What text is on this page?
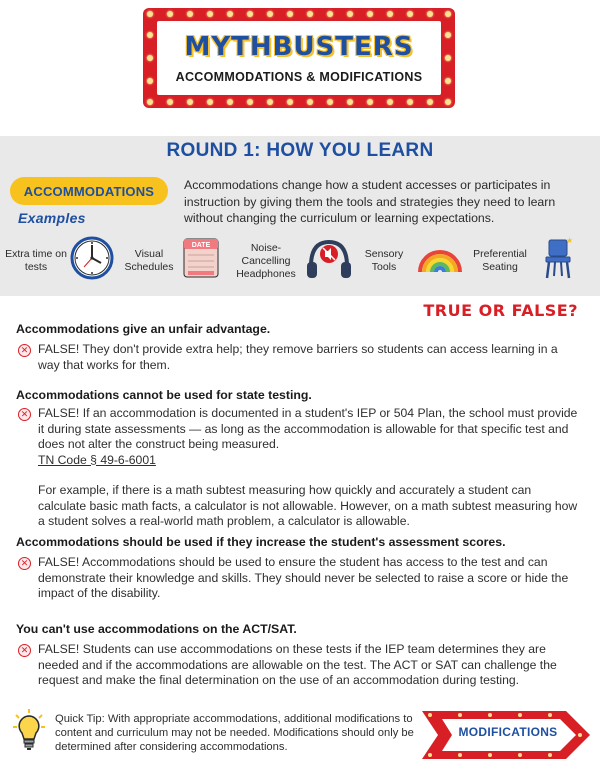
MYTHBUSTERS
ACCOMMODATIONS & MODIFICATIONS
ROUND 1: HOW YOU LEARN
ACCOMMODATIONS
Examples
Accommodations change how a student accesses or participates in instruction by giving them the tools and strategies they need to learn without changing the curriculum or learning expectations.
Extra time on tests
Visual Schedules
DATE	Noise-Cancelling Headphones
Sensory Tools
Preferential Seating
★
TRUE OR FALSE?
Accommodations give an unfair advantage.
✕ FALSE! They don't provide extra help; they remove barriers so students can access learning in a way that works for them.
Accommodations cannot be used for state testing.
✕ FALSE! If an accommodation is documented in a student's IEP or 504 Plan, the school must provide it during state assessments — as long as the accommodation is allowable for that specific test and does not alter the construct being measured.
TN Code § 49-6-6001
For example, if there is a math subtest measuring how quickly and accurately a student can calculate basic math facts, a calculator is not allowable. However, on a math subtest measuring how a student solves a real-world math problem, a calculator is allowable.
Accommodations should be used if they increase the student's assessment scores.
✕ FALSE! Accommodations should be used to ensure the student has access to the test and can demonstrate their knowledge and skills. They should never be selected to raise a score or hide the impact of the disability.
You can't use accommodations on the ACT/SAT.
✕ FALSE! Students can use accommodations on these tests if the IEP team determines they are needed and if the accommodations are allowable on the test. The ACT or SAT can challenge the request and make the final determination on the use of an accommodation during testing.
Quick Tip: With appropriate accommodations, additional modifications to content and curriculum may not be needed. Modifications should only be determined after considering accommodations.
MODIFICATIONS
